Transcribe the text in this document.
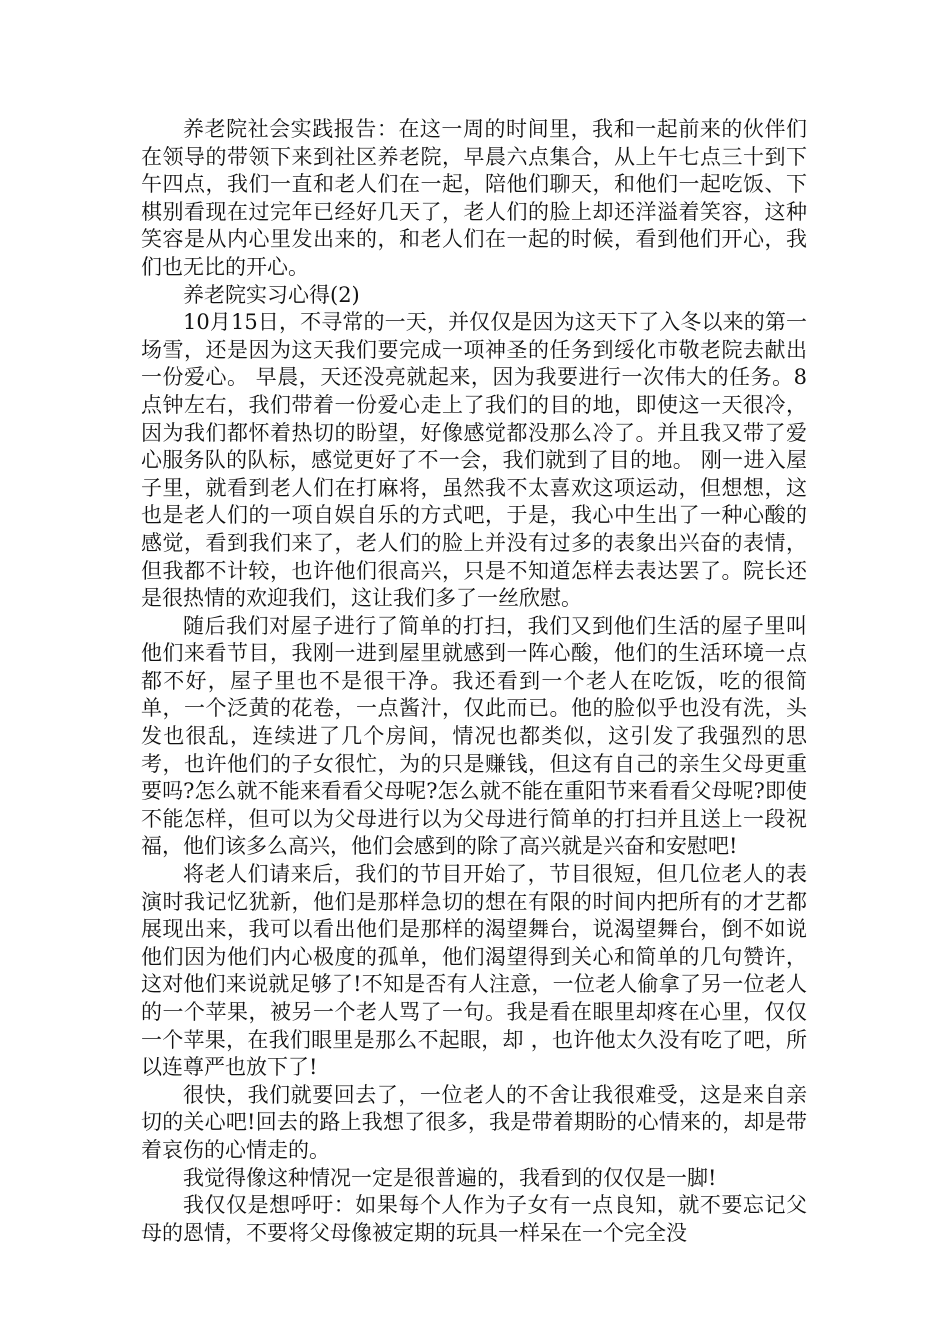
养老院社会实践报告：在这一周的时间里，我和一起前来的伙伴们在领导的带领下来到社区养老院，早晨六点集合，从上午七点三十到下午四点，我们一直和老人们在一起，陪他们聊天，和他们一起吃饭、下棋别看现在过完年已经好几天了，老人们的脸上却还洋溢着笑容，这种笑容是从内心里发出来的，和老人们在一起的时候，看到他们开心，我们也无比的开心。

养老院实习心得(2)

10月15日，不寻常的一天，并仅仅是因为这天下了入冬以来的第一场雪，还是因为这天我们要完成一项神圣的任务到绥化市敬老院去献出一份爱心。 早晨，天还没亮就起来，因为我要进行一次伟大的任务。8点钟左右，我们带着一份爱心走上了我们的目的地，即使这一天很冷，因为我们都怀着热切的盼望，好像感觉都没那么冷了。并且我又带了爱心服务队的队标，感觉更好了不一会，我们就到了目的地。 刚一进入屋子里，就看到老人们在打麻将，虽然我不太喜欢这项运动，但想想，这也是老人们的一项自娱自乐的方式吧，于是，我心中生出了一种心酸的感觉，看到我们来了，老人们的脸上并没有过多的表象出兴奋的表情，但我都不计较，也许他们很高兴，只是不知道怎样去表达罢了。院长还是很热情的欢迎我们，这让我们多了一丝欣慰。

随后我们对屋子进行了简单的打扫，我们又到他们生活的屋子里叫他们来看节目，我刚一进到屋里就感到一阵心酸，他们的生活环境一点都不好，屋子里也不是很干净。我还看到一个老人在吃饭，吃的很简单，一个泛黄的花卷，一点酱汁，仅此而已。他的脸似乎也没有洗，头发也很乱，连续进了几个房间，情况也都类似，这引发了我强烈的思考，也许他们的子女很忙，为的只是赚钱，但这有自己的亲生父母更重要吗?怎么就不能来看看父母呢?怎么就不能在重阳节来看看父母呢?即使不能怎样，但可以为父母进行以为父母进行简单的打扫并且送上一段祝福，他们该多么高兴，他们会感到的除了高兴就是兴奋和安慰吧!

将老人们请来后，我们的节目开始了，节目很短，但几位老人的表演时我记忆犹新，他们是那样急切的想在有限的时间内把所有的才艺都展现出来，我可以看出他们是那样的渴望舞台，说渴望舞台，倒不如说他们因为他们内心极度的孤单，他们渴望得到关心和简单的几句赞许，这对他们来说就足够了!不知是否有人注意，一位老人偷拿了另一位老人的一个苹果，被另一个老人骂了一句。我是看在眼里却疼在心里，仅仅一个苹果，在我们眼里是那么不起眼，却 ，也许他太久没有吃了吧，所以连尊严也放下了!

很快，我们就要回去了，一位老人的不舍让我很难受，这是来自亲切的关心吧!回去的路上我想了很多，我是带着期盼的心情来的，却是带着哀伤的心情走的。

我觉得像这种情况一定是很普遍的，我看到的仅仅是一脚!

我仅仅是想呼吁：如果每个人作为子女有一点良知，就不要忘记父母的恩情，不要将父母像被定期的玩具一样呆在一个完全没
